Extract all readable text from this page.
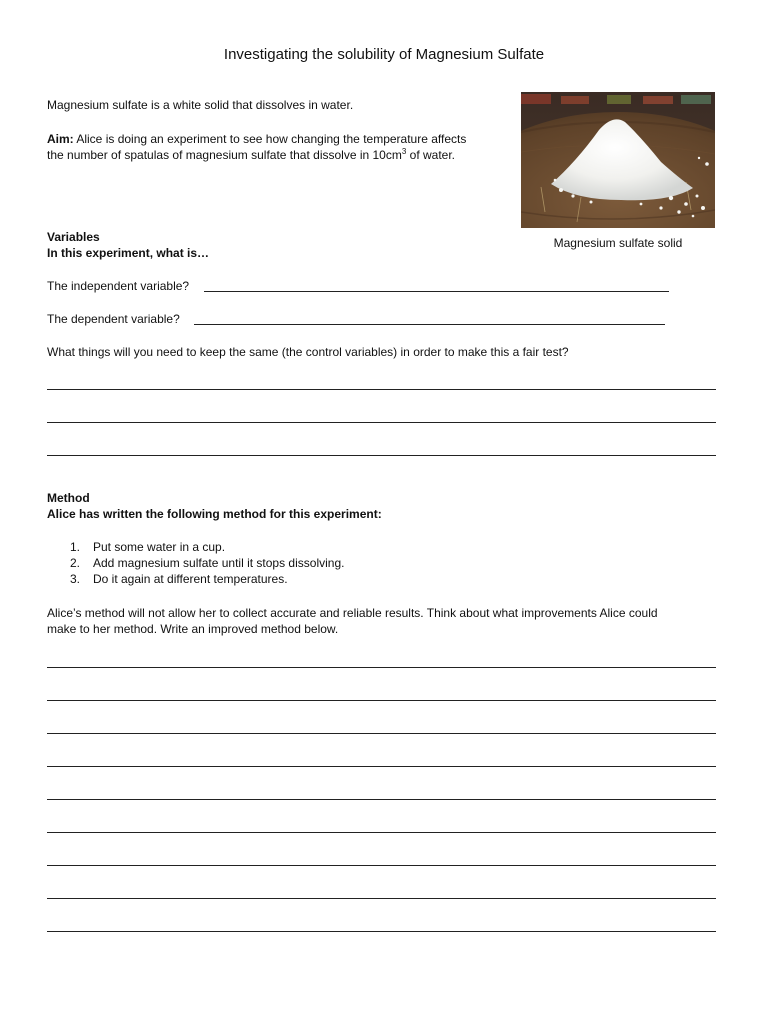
Investigating the solubility of Magnesium Sulfate
Magnesium sulfate is a white solid that dissolves in water.
Aim: Alice is doing an experiment to see how changing the temperature affects
the number of spatulas of magnesium sulfate that dissolve in $10cm^3$ of water.
Magnesium sulfate solid
Variables
In this experiment, what is…
The independent variable?
The dependent variable?
What things will you need to keep the same (the control variables) in order to make this a fair test?
Method
Alice has written the following method for this experiment:
1. Put some water in a cup.
2. Add magnesium sulfate until it stops dissolving.
3. Do it again at different temperatures.
Alice’s method will not allow her to collect accurate and reliable results. Think about what improvements Alice could
make to her method. Write an improved method below.
